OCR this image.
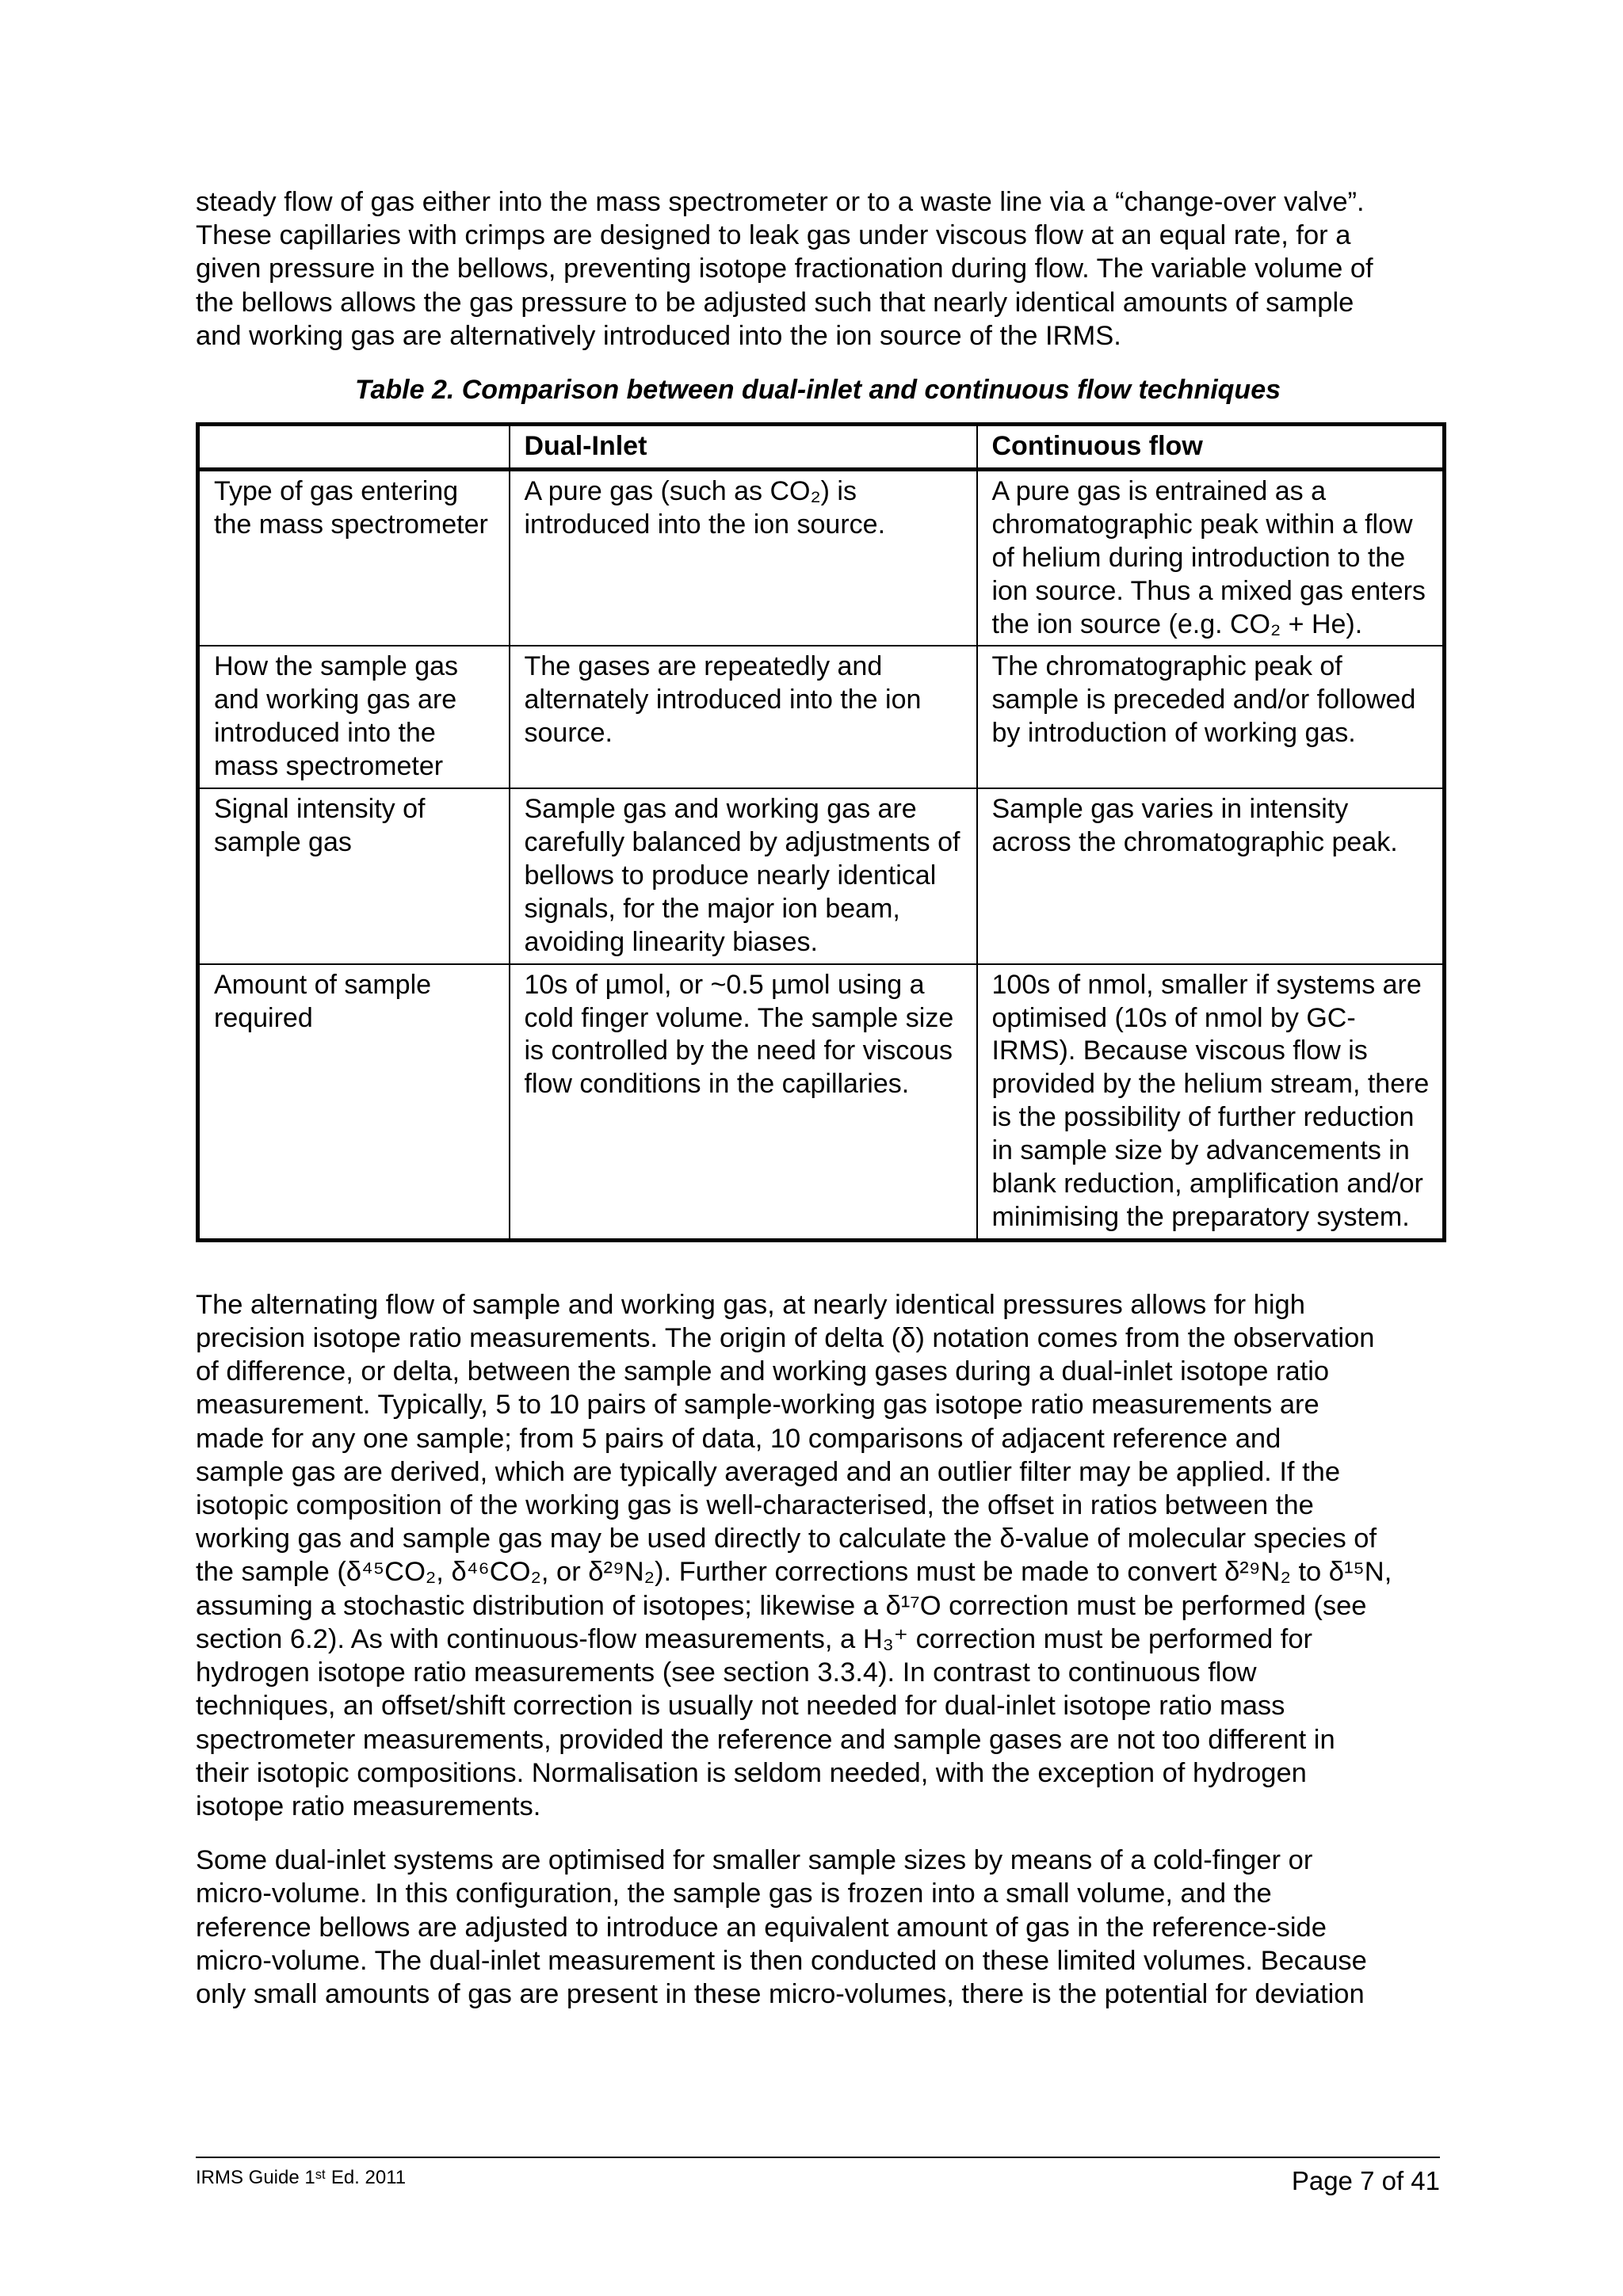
steady flow of gas either into the mass spectrometer or to a waste line via a “change-over valve”.

These capillaries with crimps are designed to leak gas under viscous flow at an equal rate, for a

given pressure in the bellows, preventing isotope fractionation during flow. The variable volume of

the bellows allows the gas pressure to be adjusted such that nearly identical amounts of sample

and working gas are alternatively introduced into the ion source of the IRMS.

Table 2. Comparison between dual-inlet and continuous flow techniques

	Dual-Inlet	Continuous flow
Type of gas entering the mass spectrometer	A pure gas (such as CO₂) is introduced into the ion source.	A pure gas is entrained as a chromatographic peak within a flow of helium during introduction to the ion source. Thus a mixed gas enters the ion source (e.g. CO₂ + He).
How the sample gas and working gas are introduced into the mass spectrometer	The gases are repeatedly and alternately introduced into the ion source.	The chromatographic peak of sample is preceded and/or followed by introduction of working gas.
Signal intensity of sample gas	Sample gas and working gas are carefully balanced by adjustments of bellows to produce nearly identical signals, for the major ion beam, avoiding linearity biases.	Sample gas varies in intensity across the chromatographic peak.
Amount of sample required	10s of µmol, or ~0.5 µmol using a cold finger volume. The sample size is controlled by the need for viscous flow conditions in the capillaries.	100s of nmol, smaller if systems are optimised (10s of nmol by GC-IRMS). Because viscous flow is provided by the helium stream, there is the possibility of further reduction in sample size by advancements in blank reduction, amplification and/or minimising the preparatory system.

The alternating flow of sample and working gas, at nearly identical pressures allows for high

precision isotope ratio measurements. The origin of delta (δ) notation comes from the observation

of difference, or delta, between the sample and working gases during a dual-inlet isotope ratio

measurement. Typically, 5 to 10 pairs of sample-working gas isotope ratio measurements are

made for any one sample; from 5 pairs of data, 10 comparisons of adjacent reference and

sample gas are derived, which are typically averaged and an outlier filter may be applied. If the

isotopic composition of the working gas is well-characterised, the offset in ratios between the

working gas and sample gas may be used directly to calculate the δ-value of molecular species of

the sample (δ⁴⁵CO₂, δ⁴⁶CO₂, or δ²⁹N₂). Further corrections must be made to convert δ²⁹N₂ to δ¹⁵N,

assuming a stochastic distribution of isotopes; likewise a δ¹⁷O correction must be performed (see

section 6.2). As with continuous-flow measurements, a H₃⁺ correction must be performed for

hydrogen isotope ratio measurements (see section 3.3.4). In contrast to continuous flow

techniques, an offset/shift correction is usually not needed for dual-inlet isotope ratio mass

spectrometer measurements, provided the reference and sample gases are not too different in

their isotopic compositions. Normalisation is seldom needed, with the exception of hydrogen

isotope ratio measurements.

Some dual-inlet systems are optimised for smaller sample sizes by means of a cold-finger or

micro-volume. In this configuration, the sample gas is frozen into a small volume, and the

reference bellows are adjusted to introduce an equivalent amount of gas in the reference-side

micro-volume. The dual-inlet measurement is then conducted on these limited volumes. Because

only small amounts of gas are present in these micro-volumes, there is the potential for deviation

IRMS Guide 1ˢᵗ Ed. 2011	Page 7 of 41
